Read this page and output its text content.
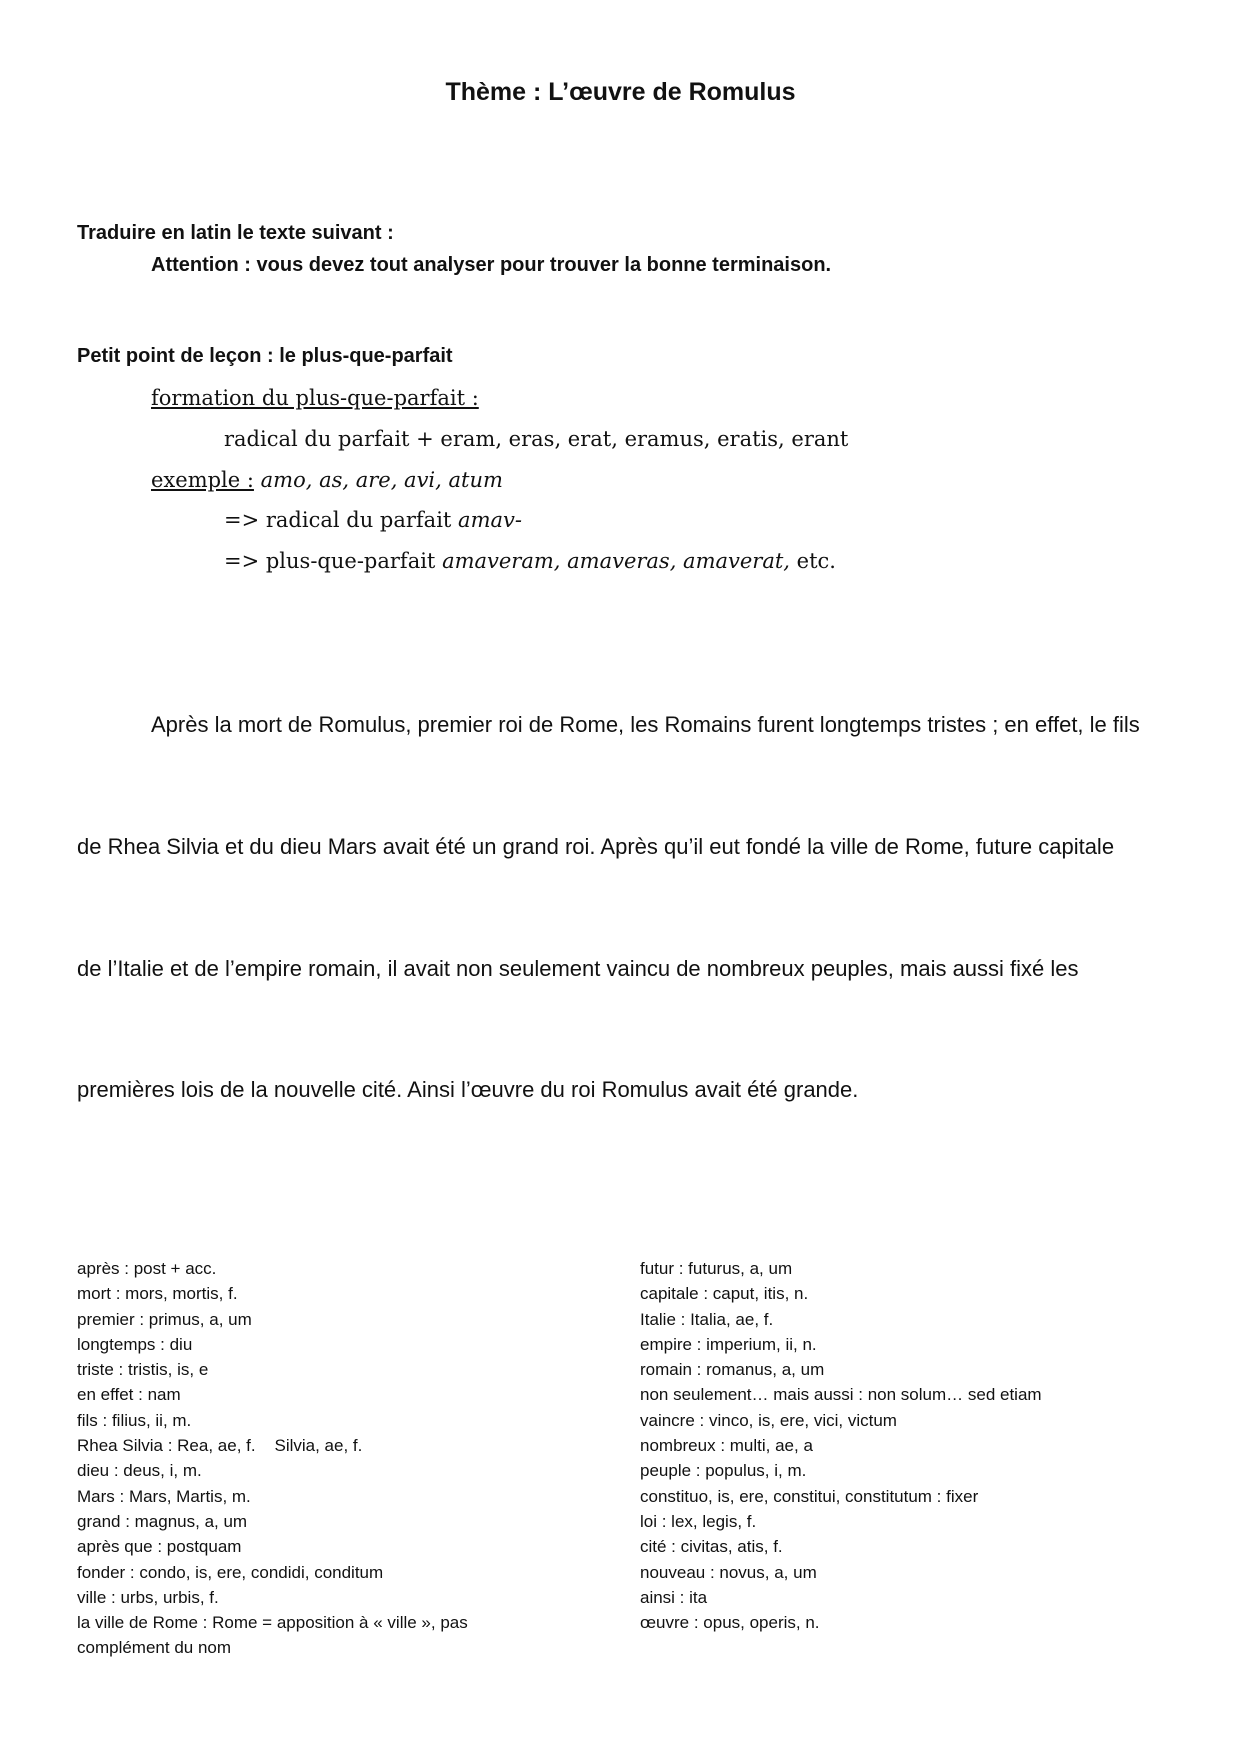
Thème : L’œuvre de Romulus
Traduire en latin le texte suivant :
Attention : vous devez tout analyser pour trouver la bonne terminaison.
Petit point de leçon : le plus-que-parfait
formation du plus-que-parfait :
radical du parfait + eram, eras, erat, eramus, eratis, erant
exemple : amo, as, are, avi, atum
=> radical du parfait amav-
=> plus-que-parfait amaveram, amaveras, amaverat, etc.
Après la mort de Romulus, premier roi de Rome, les Romains furent longtemps tristes ; en effet, le fils
de Rhea Silvia et du dieu Mars avait été un grand roi. Après qu’il eut fondé la ville de Rome, future capitale
de l’Italie et de l’empire romain, il avait non seulement vaincu de nombreux peuples, mais aussi fixé les
premières lois de la nouvelle cité. Ainsi l’œuvre du roi Romulus avait été grande.
après : post + acc.
mort : mors, mortis, f.
premier : primus, a, um
longtemps : diu
triste : tristis, is, e
en effet : nam
fils : filius, ii, m.
Rhea Silvia : Rea, ae, f.    Silvia, ae, f.
dieu : deus, i, m.
Mars : Mars, Martis, m.
grand : magnus, a, um
après que : postquam
fonder : condo, is, ere, condidi, conditum
ville : urbs, urbis, f.
la ville de Rome : Rome = apposition à « ville », pas complément du nom
futur : futurus, a, um
capitale : caput, itis, n.
Italie : Italia, ae, f.
empire : imperium, ii, n.
romain : romanus, a, um
non seulement… mais aussi : non solum… sed etiam
vaincre : vinco, is, ere, vici, victum
nombreux : multi, ae, a
peuple : populus, i, m.
constituo, is, ere, constitui, constitutum : fixer
loi : lex, legis, f.
cité : civitas, atis, f.
nouveau : novus, a, um
ainsi : ita
œuvre : opus, operis, n.
